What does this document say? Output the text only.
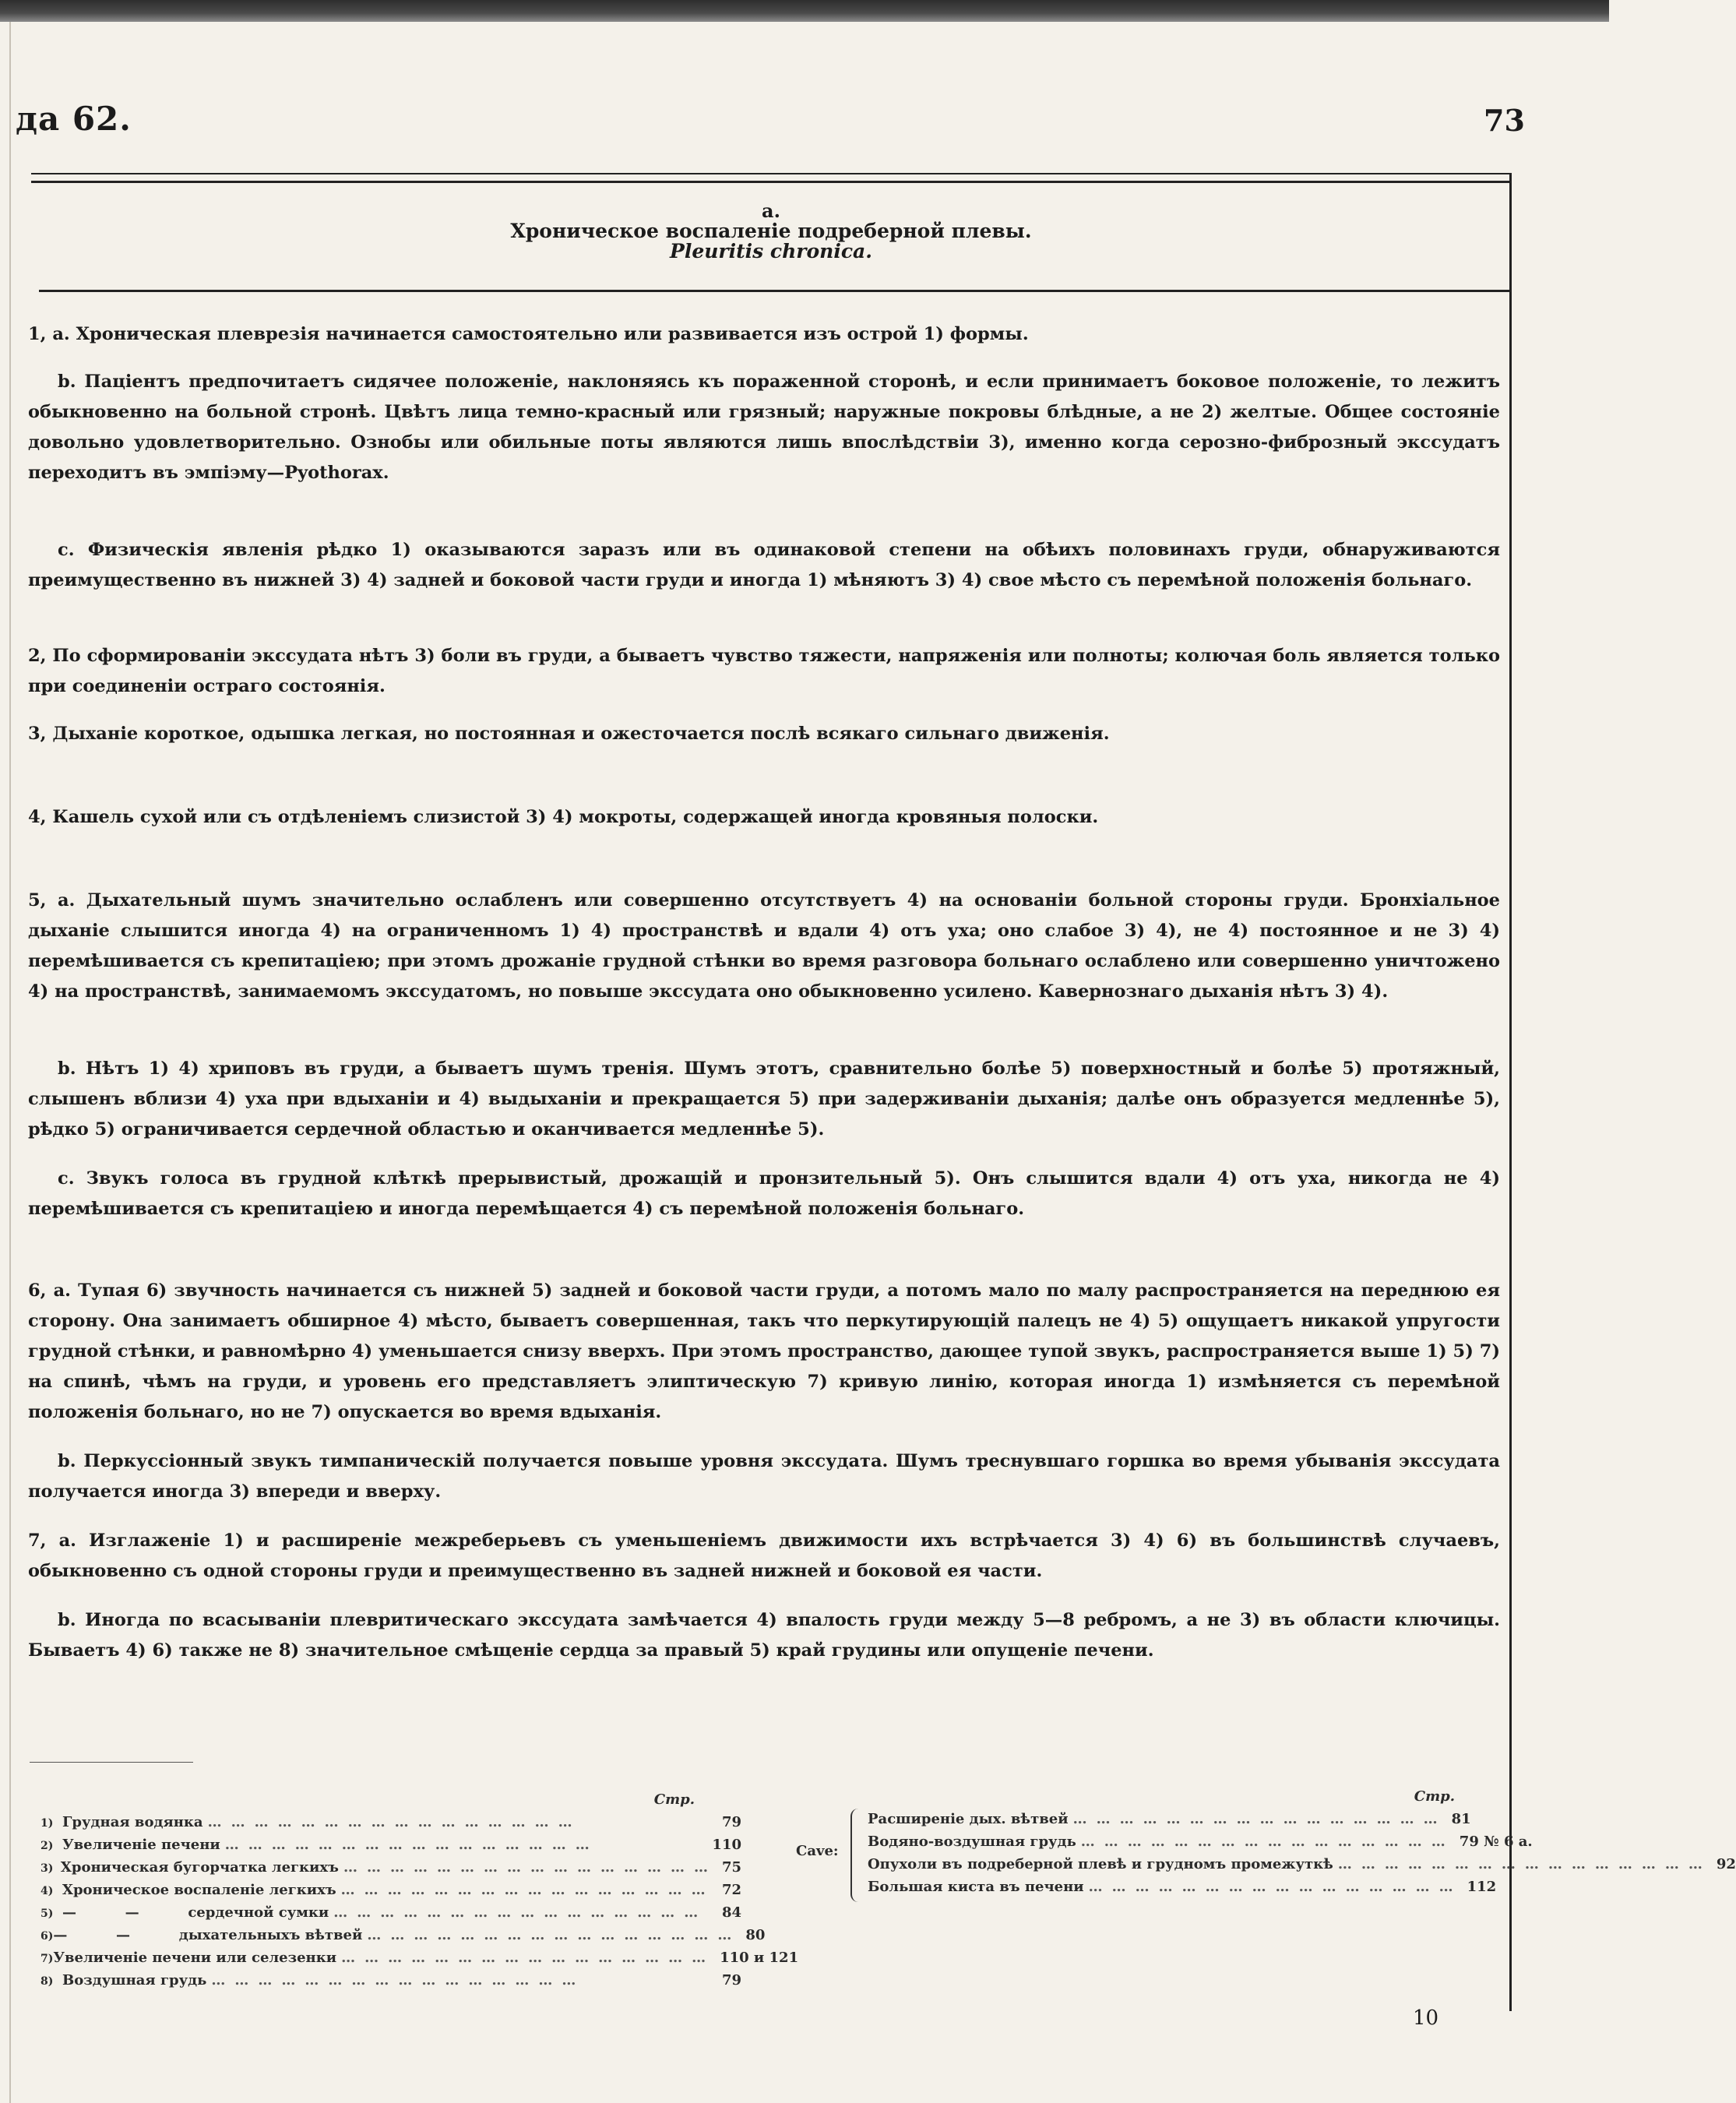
да 62.	73
а.
Хроническое воспаленіе подреберной плевы.
Pleuritis chronica.

1, а. Хроническая плеврезія начинается самостоятельно или развивается изъ острой 1) формы.

b. Паціентъ предпочитаетъ сидячее положеніе, наклоняясь къ пораженной сторонѣ, и если принимаетъ боковое положеніе, то лежитъ обыкновенно на больной стронѣ. Цвѣтъ лица темно-красный или грязный; наружные покровы блѣдные, а не 2) желтые. Общее состояніе довольно удовлетворительно. Ознобы или обильные поты являются лишь впослѣдствіи 3), именно когда серозно-фиброзный экссудатъ переходитъ въ эмпіэму—Pyothorax.

с. Физическія явленія рѣдко 1) оказываются заразъ или въ одинаковой степени на обѣихъ половинахъ груди, обнаруживаются преимущественно въ нижней 3) 4) задней и боковой части груди и иногда 1) мѣняютъ 3) 4) свое мѣсто съ перемѣной положенія больнаго.

2, По сформированіи экссудата нѣтъ 3) боли въ груди, а бываетъ чувство тяжести, напряженія или полноты; колючая боль является только при соединеніи остраго состоянія.

3, Дыханіе короткое, одышка легкая, но постоянная и ожесточается послѣ всякаго сильнаго движенія.

4, Кашель сухой или съ отдѣленіемъ слизистой 3) 4) мокроты, содержащей иногда кровяныя полоски.

5, а. Дыхательный шумъ значительно ослабленъ или совершенно отсутствуетъ 4) на основаніи больной стороны груди. Бронхіальное дыханіе слышится иногда 4) на ограниченномъ 1) 4) пространствѣ и вдали 4) отъ уха; оно слабое 3) 4), не 4) постоянное и не 3) 4) перемѣшивается съ крепитаціею; при этомъ дрожаніе грудной стѣнки во время разговора больнаго ослаблено или совершенно уничтожено 4) на пространствѣ, занимаемомъ экссудатомъ, но повыше экссудата оно обыкновенно усилено. Кавернознаго дыханія нѣтъ 3) 4).

b. Нѣтъ 1) 4) хриповъ въ груди, а бываетъ шумъ тренія. Шумъ этотъ, сравнительно болѣе 5) поверхностный и болѣе 5) протяжный, слышенъ вблизи 4) уха при вдыханіи и 4) выдыханіи и прекращается 5) при задерживаніи дыханія; далѣе онъ образуется медленнѣе 5), рѣдко 5) ограничивается сердечной областью и оканчивается медленнѣе 5).

с. Звукъ голоса въ грудной клѣткѣ прерывистый, дрожащій и пронзительный 5). Онъ слышится вдали 4) отъ уха, никогда не 4) перемѣшивается съ крепитаціею и иногда перемѣщается 4) съ перемѣной положенія больнаго.

6, а. Тупая 6) звучность начинается съ нижней 5) задней и боковой части груди, а потомъ мало по малу распространяется на переднюю ея сторону. Она занимаетъ обширное 4) мѣсто, бываетъ совершенная, такъ что перкутирующій палецъ не 4) 5) ощущаетъ никакой упругости грудной стѣнки, и равномѣрно 4) уменьшается снизу вверхъ. При этомъ пространство, дающее тупой звукъ, распространяется выше 1) 5) 7) на спинѣ, чѣмъ на груди, и уровень его представляетъ элиптическую 7) кривую линію, которая иногда 1) измѣняется съ перемѣной положенія больнаго, но не 7) опускается во время вдыханія.

b. Перкуссіонный звукъ тимпаническій получается повыше уровня экссудата. Шумъ треснувшаго горшка во время убыванія экссудата получается иногда 3) впереди и вверху.

7, а. Изглаженіе 1) и расширеніе межреберьевъ съ уменьшеніемъ движимости ихъ встрѣчается 3) 4) 6) въ большинствѣ случаевъ, обыкновенно съ одной стороны груди и преимущественно въ задней нижней и боковой ея части.

b. Иногда по всасываніи плевритическаго экссудата замѣчается 4) впалость груди между 5—8 ребромъ, а не 3) въ области ключицы. Бываетъ 4) 6) также не 8) значительное смѣщеніе сердца за правый 5) край грудины или опущеніе печени.

Стр.
1) Грудная водянка …………………………………………	79
2) Увеличеніе печени …………………………………………	110
3) Хроническая бугорчатка легкихъ ………………………………………… 75
4) Хроническое воспаленіе легкихъ ………………………………………… 72
5) —          —          сердечной сумки …………………………………………	84
6) —          —          дыхательныхъ вѣтвей ………………………………………… 80
7) Увеличеніе печени или селезенки ………………………………………… 110 и 121
8) Воздушная грудь …………………………………………	79
Cave:
Стр.
Расширеніе дых. вѣтвей ………………………………………… 81
Водяно-воздушная грудь ………………………………………… 79 № 6 а.
Опухоли въ подреберной плевѣ и грудномъ промежуткѣ ………………………………………… 92
Большая киста въ печени ………………………………………… 112
10
